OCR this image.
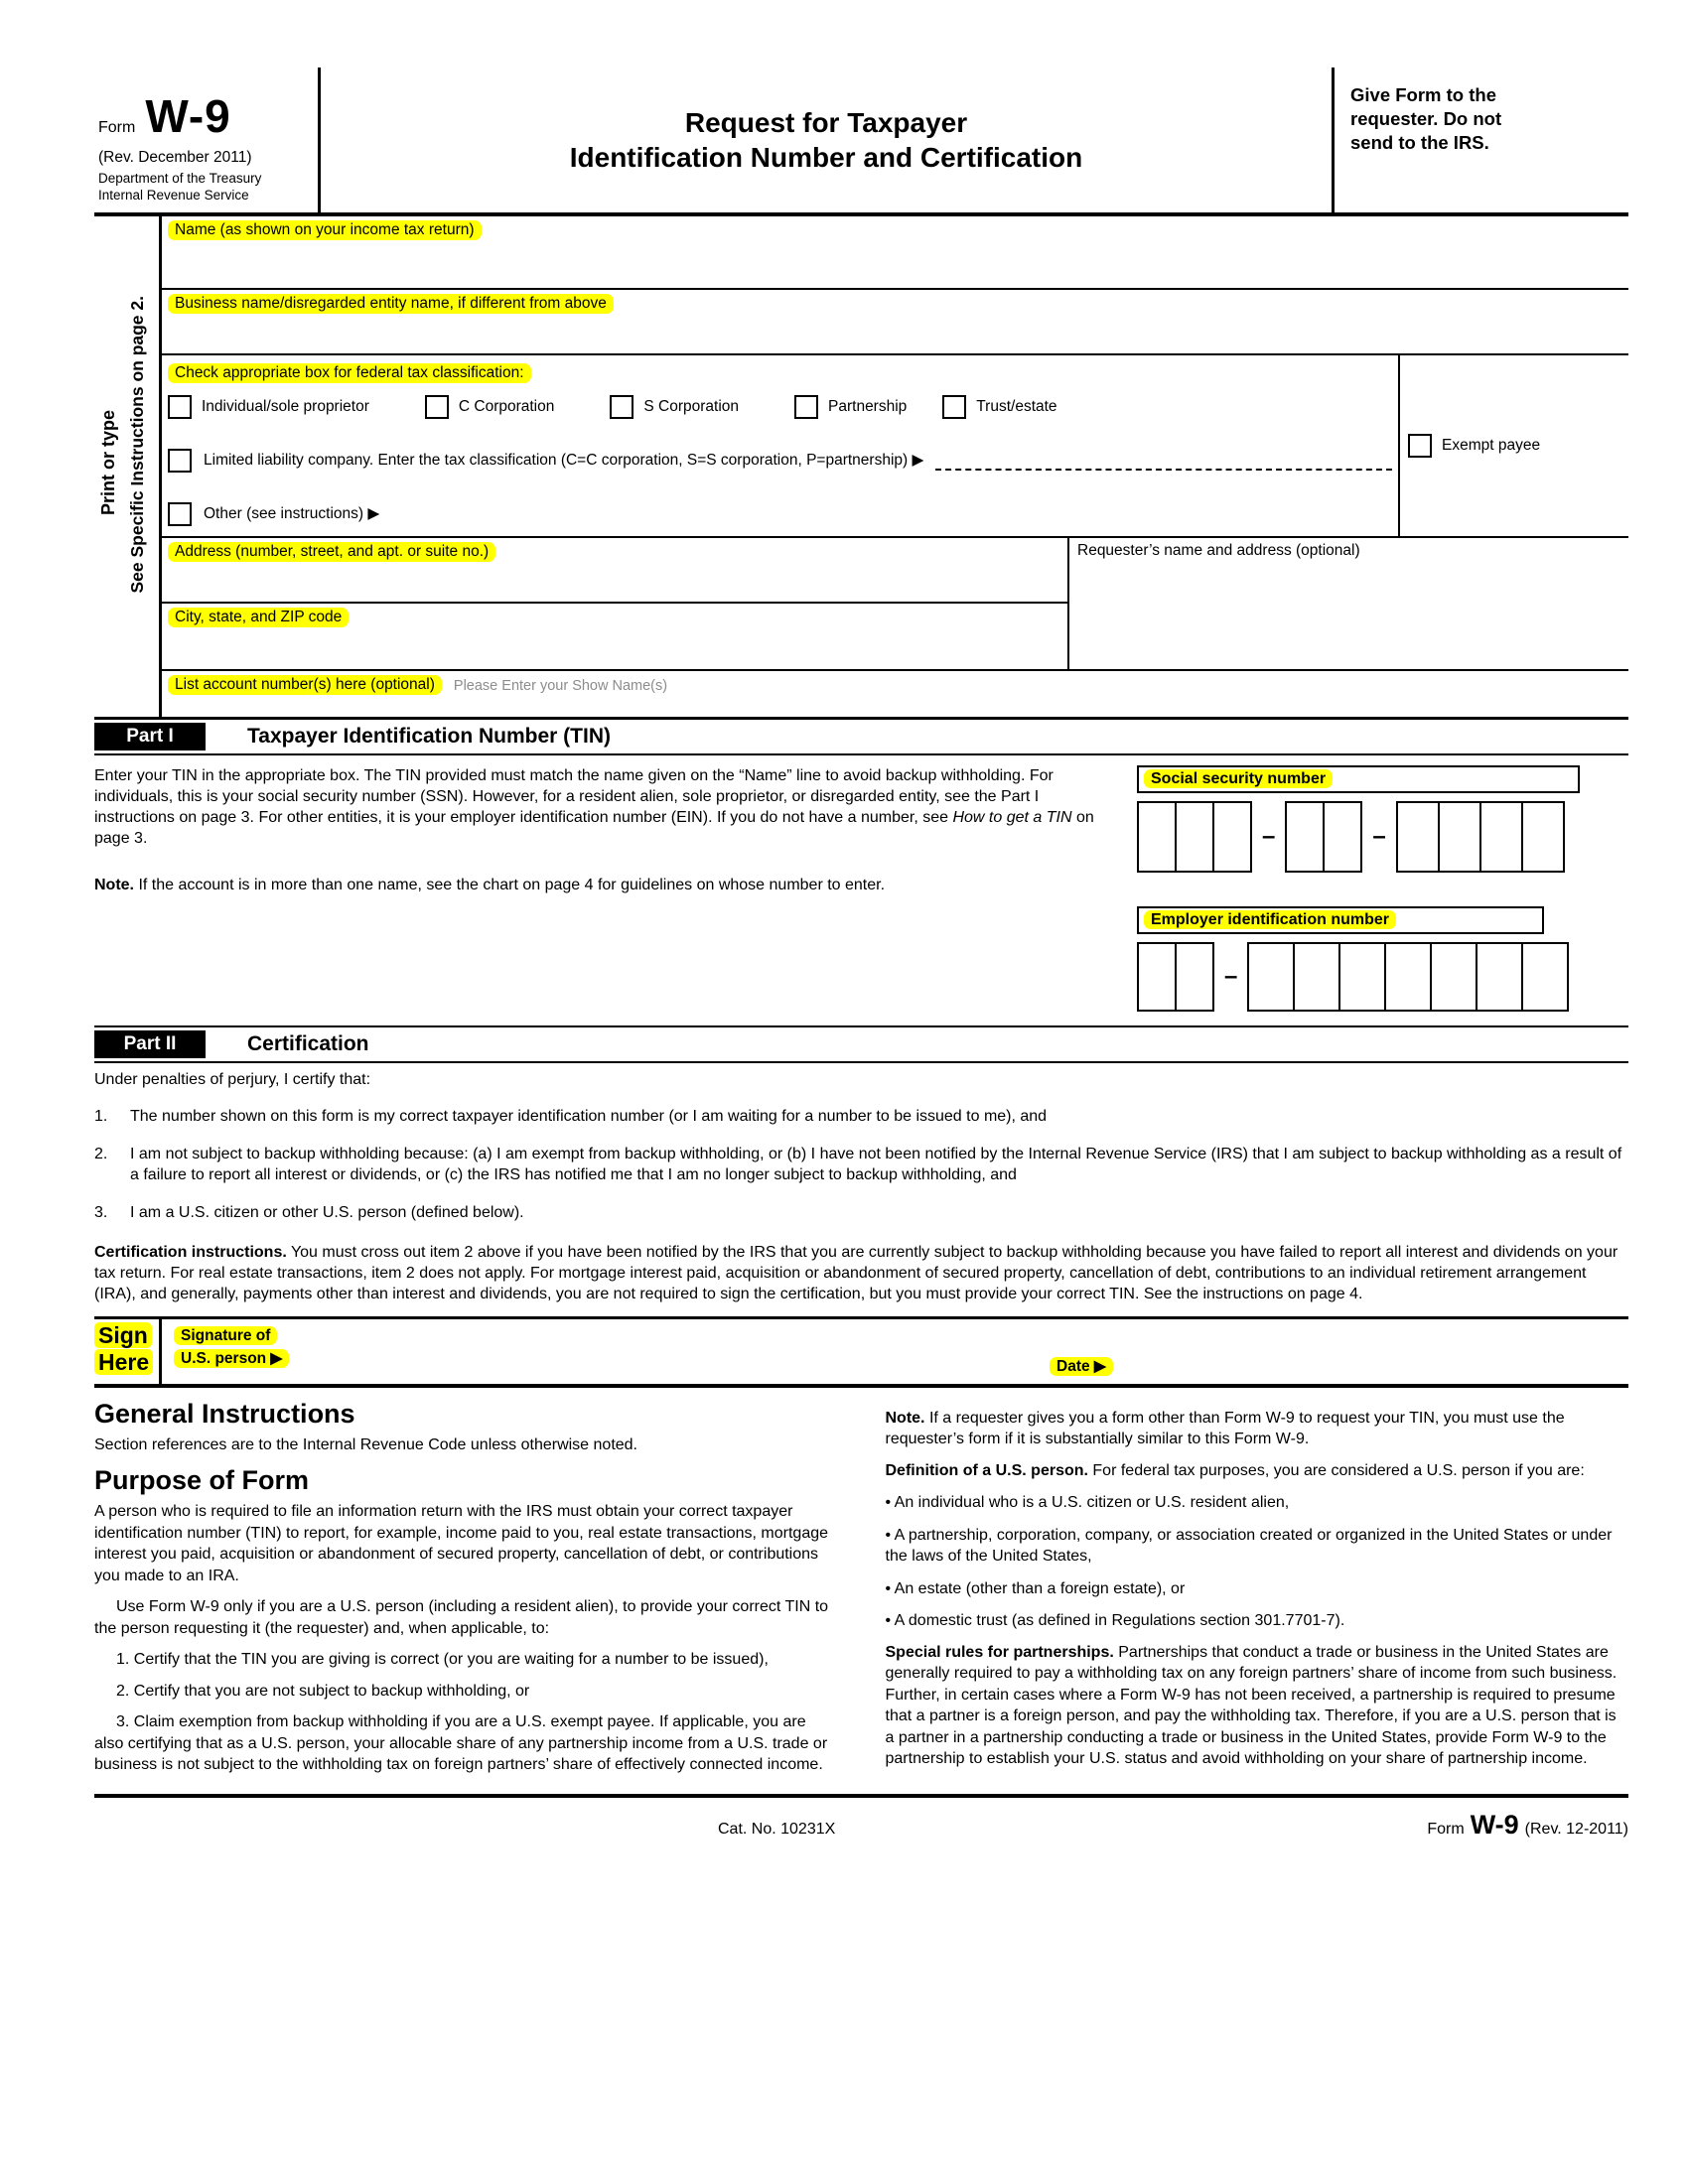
Form W-9
(Rev. December 2011)
Department of the Treasury
Internal Revenue Service
Request for Taxpayer
Identification Number and Certification
Give Form to the
requester. Do not
send to the IRS.
Print or type See Specific Instructions on page 2.
Name (as shown on your income tax return)
Business name/disregarded entity name, if different from above
Check appropriate box for federal tax classification:
Individual/sole proprietor	C Corporation	S Corporation	Partnership	Trust/estate
Limited liability company. Enter the tax classification (C=C corporation, S=S corporation, P=partnership) ▶
Other (see instructions) ▶
Exempt payee
Address (number, street, and apt. or suite no.)
City, state, and ZIP code
Requester’s name and address (optional)
List account number(s) here (optional)	Please Enter your Show Name(s)
Part I	Taxpayer Identification Number (TIN)

Enter your TIN in the appropriate box. The TIN provided must match the name given on the “Name” line to avoid backup withholding. For individuals, this is your social security number (SSN). However, for a resident alien, sole proprietor, or disregarded entity, see the Part I instructions on page 3. For other entities, it is your employer identification number (EIN). If you do not have a number, see How to get a TIN on page 3.

Note. If the account is in more than one name, see the chart on page 4 for guidelines on whose number to enter.

Social security number
–	–
Employer identification number
–
Part II	Certification

Under penalties of perjury, I certify that:

1. The number shown on this form is my correct taxpayer identification number (or I am waiting for a number to be issued to me), and

2. I am not subject to backup withholding because: (a) I am exempt from backup withholding, or (b) I have not been notified by the Internal Revenue Service (IRS) that I am subject to backup withholding as a result of a failure to report all interest or dividends, or (c) the IRS has notified me that I am no longer subject to backup withholding, and

3. I am a U.S. citizen or other U.S. person (defined below).

Certification instructions. You must cross out item 2 above if you have been notified by the IRS that you are currently subject to backup withholding because you have failed to report all interest and dividends on your tax return. For real estate transactions, item 2 does not apply. For mortgage interest paid, acquisition or abandonment of secured property, cancellation of debt, contributions to an individual retirement arrangement (IRA), and generally, payments other than interest and dividends, you are not required to sign the certification, but you must provide your correct TIN. See the instructions on page 4.

Sign
Here
Signature of
U.S. person ▶	Date ▶
General Instructions

Section references are to the Internal Revenue Code unless otherwise noted.

Purpose of Form

A person who is required to file an information return with the IRS must obtain your correct taxpayer identification number (TIN) to report, for example, income paid to you, real estate transactions, mortgage interest you paid, acquisition or abandonment of secured property, cancellation of debt, or contributions you made to an IRA.

Use Form W-9 only if you are a U.S. person (including a resident alien), to provide your correct TIN to the person requesting it (the requester) and, when applicable, to:

1. Certify that the TIN you are giving is correct (or you are waiting for a number to be issued),

2. Certify that you are not subject to backup withholding, or

3. Claim exemption from backup withholding if you are a U.S. exempt payee. If applicable, you are also certifying that as a U.S. person, your allocable share of any partnership income from a U.S. trade or business is not subject to the withholding tax on foreign partners’ share of effectively connected income.

Note. If a requester gives you a form other than Form W-9 to request your TIN, you must use the requester’s form if it is substantially similar to this Form W-9.

Definition of a U.S. person. For federal tax purposes, you are considered a U.S. person if you are:

• An individual who is a U.S. citizen or U.S. resident alien,

• A partnership, corporation, company, or association created or organized in the United States or under the laws of the United States,

• An estate (other than a foreign estate), or

• A domestic trust (as defined in Regulations section 301.7701-7).

Special rules for partnerships. Partnerships that conduct a trade or business in the United States are generally required to pay a withholding tax on any foreign partners’ share of income from such business. Further, in certain cases where a Form W-9 has not been received, a partnership is required to presume that a partner is a foreign person, and pay the withholding tax. Therefore, if you are a U.S. person that is a partner in a partnership conducting a trade or business in the United States, provide Form W-9 to the partnership to establish your U.S. status and avoid withholding on your share of partnership income.

Cat. No. 10231X	Form W-9 (Rev. 12-2011)
